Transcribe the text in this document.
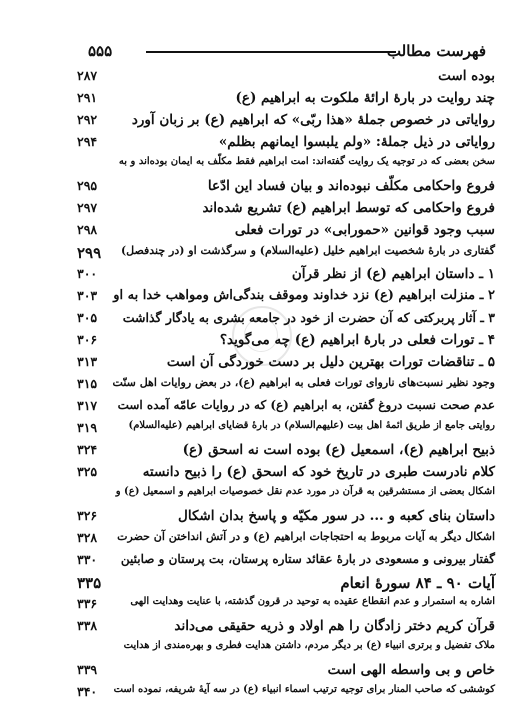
۵۵۵	فهرست مطالب
بوده است
۲۸۷
چند روایت در بارهٔ ارائهٔ ملکوت به ابراهیم (ع)
۲۹۱
روایاتی در خصوص جملهٔ «هذا ربّی» که ابراهیم (ع) بر زبان آورد
۲۹۲
روایاتی در ذیل جملهٔ: «ولم یلبسوا ایمانهم بظلم»
۲۹۴
سخن بعضی که در توجیه یک روایت گفته‌اند: امت ابراهیم فقط مکلّف به ایمان بوده‌اند و به
فروع واحکامی مکلّف نبوده‌اند و بیان فساد این ادّعا
۲۹۵
فروع واحکامی که توسط ابراهیم (ع) تشریع شده‌اند
۲۹۷
سبب وجود قوانین «حمورابی» در تورات فعلی
۲۹۸
گفتاری در بارهٔ شخصیت ابراهیم خلیل (علیه‌السلام) و سرگذشت او (در چندفصل)
۲۹۹
۱ ـ داستان ابراهیم (ع) از نظر قرآن
۳۰۰
۲ ـ منزلت ابراهیم (ع) نزد خداوند وموقف بندگی‌اش ومواهب خدا به او
۳۰۳
۳ ـ آثار پربرکتی که آن حضرت از خود در جامعه بشری به یادگار گذاشت
۳۰۵
۴ ـ تورات فعلی در بارهٔ ابراهیم (ع) چه می‌گوید؟
۳۰۶
۵ ـ تناقضات تورات بهترین دلیل بر دست خوردگی آن است
۳۱۳
وجود نظیر نسبت‌های ناروای تورات فعلی به ابراهیم (ع)، در بعض روایات اهل سنّت
۳۱۵
عدم صحت نسبت دروغ گفتن، به ابراهیم (ع) که در روایات عامّه آمده است
۳۱۷
روایتی جامع از طریق ائمهٔ اهل بیت (علیهم‌السلام) در بارهٔ قضایای ابراهیم (علیه‌السلام)
۳۱۹
ذبیح ابراهیم (ع)، اسمعیل (ع) بوده است نه اسحق (ع)
۳۲۴
کلام نادرست طبری در تاریخ خود که اسحق (ع) را ذبیح دانسته
۳۲۵
اشکال بعضی از مستشرقین به قرآن در مورد عدم نقل خصوصیات ابراهیم و اسمعیل (ع) و
داستان بنای کعبه و ... در سور مکیّه و پاسخ بدان اشکال
۳۲۶
اشکال دیگر به آیات مربوط به احتجاجات ابراهیم (ع) و در آتش انداختن آن حضرت
۳۲۸
گفتار بیرونی و مسعودی در بارهٔ عقائد ستاره پرستان، بت پرستان و صابئین
۳۳۰
آیات ۹۰ ـ ۸۴ سورهٔ انعام
۳۳۵
اشاره به استمرار و عدم انقطاع عقیده به توحید در قرون گذشته، با عنایت وهدایت الهی
۳۳۶
قرآن کریم دختر زادگان را هم اولاد و ذریه حقیقی می‌داند
۳۳۸
ملاک تفضیل و برتری انبیاء (ع) بر دیگر مردم، داشتن هدایت فطری و بهره‌مندی از هدایت
خاص و بی واسطه الهی است
۳۳۹
کوششی که صاحب المنار برای توجیه ترتیب اسماء انبیاء (ع) در سه آیهٔ شریفه، نموده است
۳۴۰
